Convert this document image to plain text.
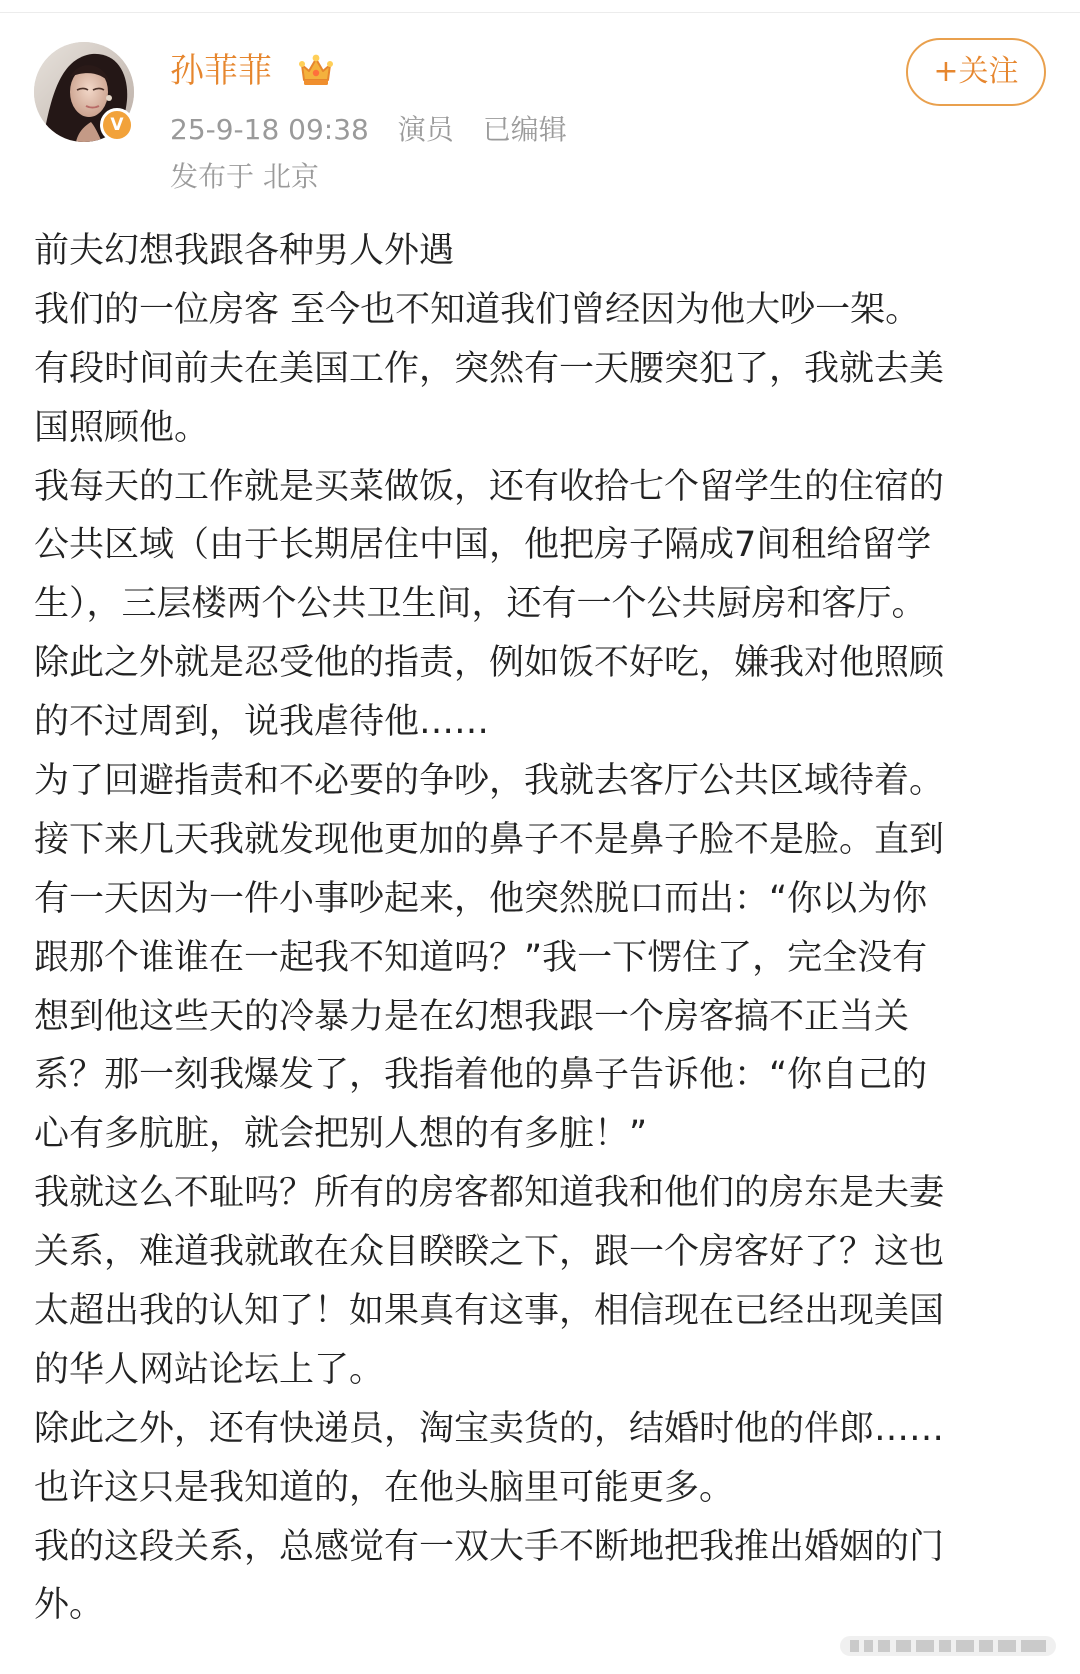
V
孙菲菲
25-9-18 09:38 演员 已编辑
发布于 北京
+关注
前夫幻想我跟各种男人外遇
我们的一位房客 至今也不知道我们曾经因为他大吵一架。
有段时间前夫在美国工作，突然有一天腰突犯了，我就去美
国照顾他。
我每天的工作就是买菜做饭，还有收拾七个留学生的住宿的
公共区域（由于长期居住中国，他把房子隔成7间租给留学
生），三层楼两个公共卫生间，还有一个公共厨房和客厅。
除此之外就是忍受他的指责，例如饭不好吃，嫌我对他照顾
的不过周到，说我虐待他……
为了回避指责和不必要的争吵，我就去客厅公共区域待着。
接下来几天我就发现他更加的鼻子不是鼻子脸不是脸。直到
有一天因为一件小事吵起来，他突然脱口而出：“你以为你
跟那个谁谁在一起我不知道吗？”我一下愣住了，完全没有
想到他这些天的冷暴力是在幻想我跟一个房客搞不正当关
系？那一刻我爆发了，我指着他的鼻子告诉他：“你自己的
心有多肮脏，就会把别人想的有多脏！”
我就这么不耻吗？所有的房客都知道我和他们的房东是夫妻
关系，难道我就敢在众目睽睽之下，跟一个房客好了？这也
太超出我的认知了！如果真有这事，相信现在已经出现美国
的华人网站论坛上了。
除此之外，还有快递员，淘宝卖货的，结婚时他的伴郎……
也许这只是我知道的，在他头脑里可能更多。
我的这段关系，总感觉有一双大手不断地把我推出婚姻的门
外。
